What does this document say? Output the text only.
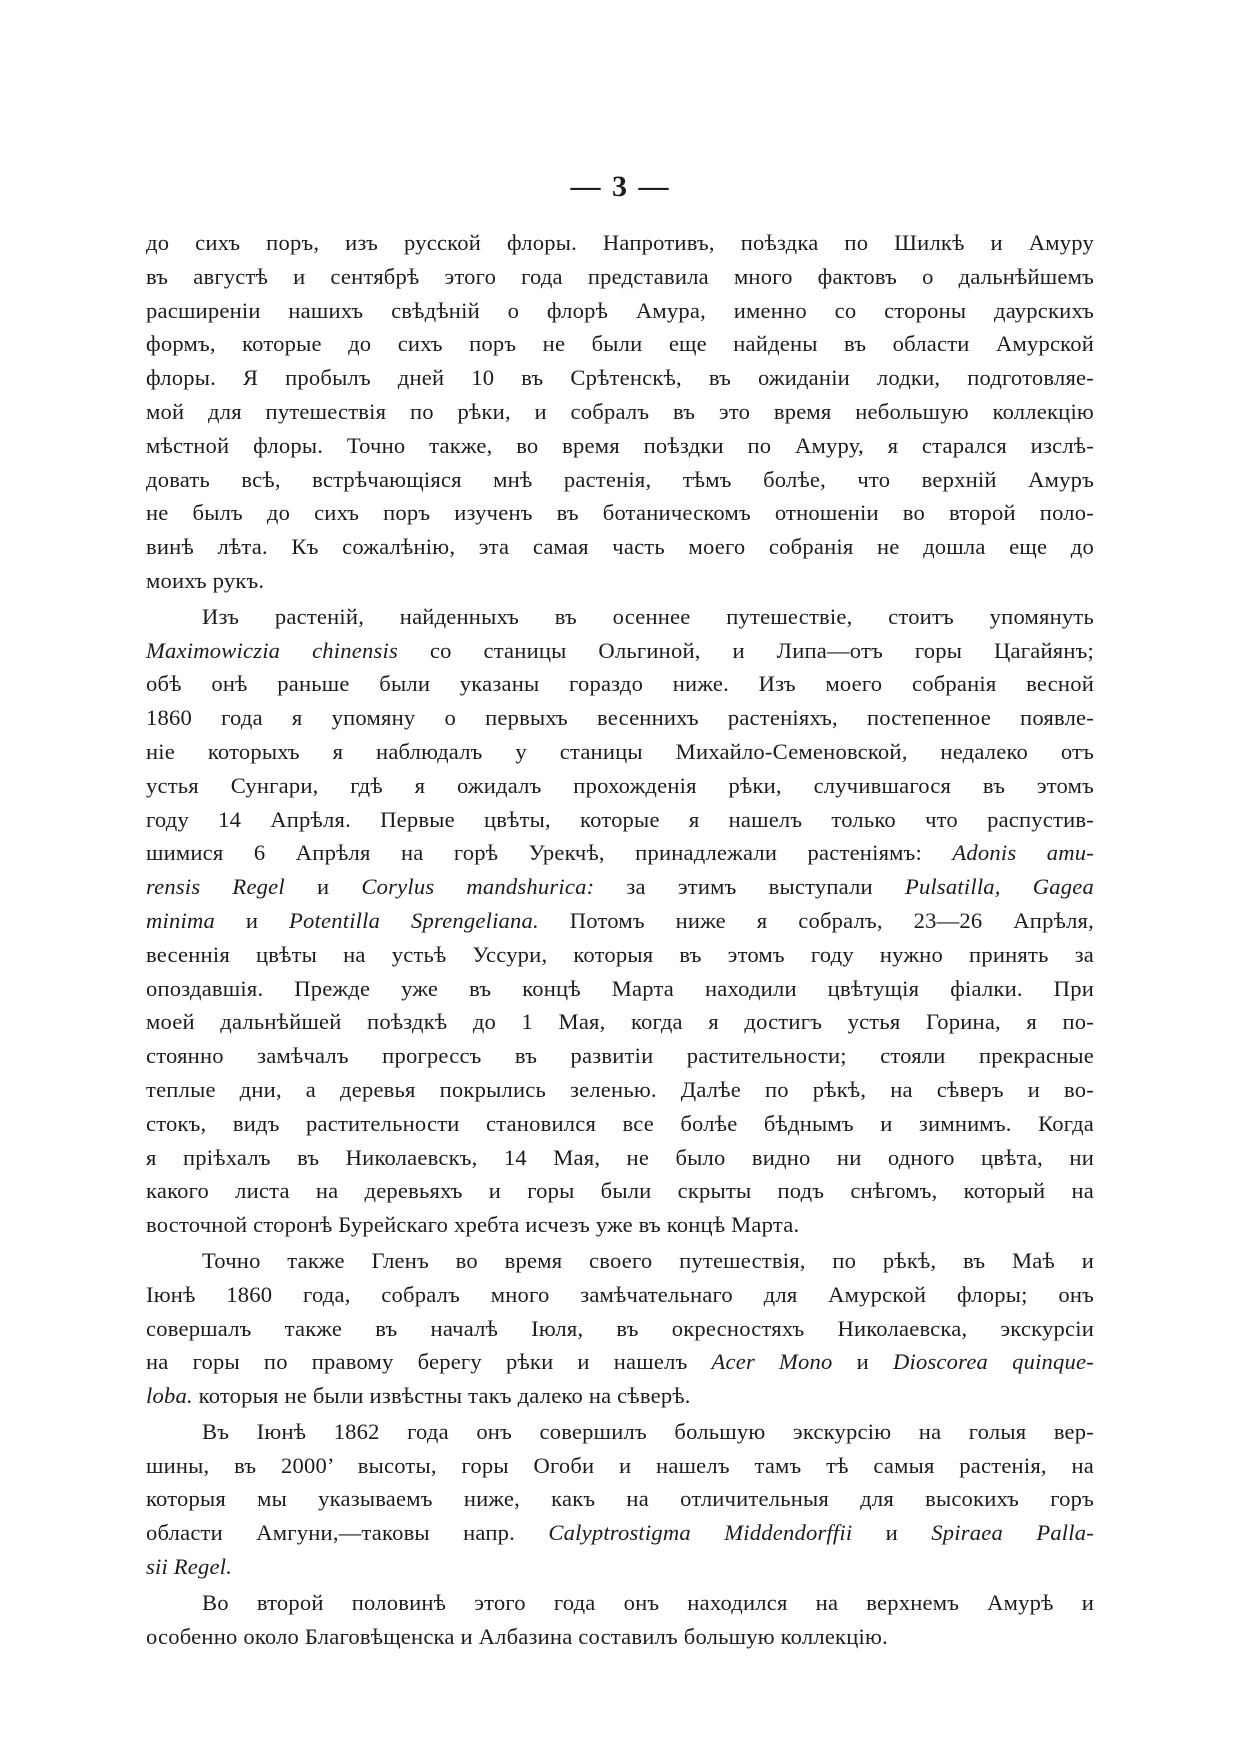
— 3 —
до сихъ поръ, изъ русской флоры. Напротивъ, поѣздка по Шилкѣ и Амуру
въ августѣ и сентябрѣ этого года представила много фактовъ о дальнѣйшемъ
расширеніи нашихъ свѣдѣній о флорѣ Амура, именно со стороны даурскихъ
формъ, которые до сихъ поръ не были еще найдены въ области Амурской
флоры. Я пробылъ дней 10 въ Срѣтенскѣ, въ ожиданіи лодки, подготовляе-
мой для путешествія по рѣки, и собралъ въ это время небольшую коллекцію
мѣстной флоры. Точно также, во время поѣздки по Амуру, я старался изслѣ-
довать всѣ, встрѣчающіяся мнѣ растенія, тѣмъ болѣе, что верхній Амуръ
не былъ до сихъ поръ изученъ въ ботаническомъ отношеніи во второй поло-
винѣ лѣта. Къ сожалѣнію, эта самая часть моего собранія не дошла еще до
моихъ рукъ.
Изъ растеній, найденныхъ въ осеннее путешествіе, стоитъ упомянуть
Maximowiczia chinensis со станицы Ольгиной, и Липа—отъ горы Цагайянъ;
обѣ онѣ раньше были указаны гораздо ниже. Изъ моего собранія весной
1860 года я упомяну о первыхъ весеннихъ растеніяхъ, постепенное появле-
ніе которыхъ я наблюдалъ у станицы Михайло-Семеновской, недалеко отъ
устья Сунгари, гдѣ я ожидалъ прохожденія рѣки, случившагося въ этомъ
году 14 Апрѣля. Первые цвѣты, которые я нашелъ только что распустив-
шимися 6 Апрѣля на горѣ Урекчѣ, принадлежали растеніямъ: Adonis amu-
rensis Regel и Corylus mandshurica: за этимъ выступали Pulsatilla, Gagea
minima и Potentilla Sprengeliana. Потомъ ниже я собралъ, 23—26 Апрѣля,
весеннія цвѣты на устьѣ Уссури, которыя въ этомъ году нужно принять за
опоздавшія. Прежде уже въ концѣ Марта находили цвѣтущія фіалки. При
моей дальнѣйшей поѣздкѣ до 1 Мая, когда я достигъ устья Горина, я по-
стоянно замѣчалъ прогрессъ въ развитіи растительности; стояли прекрасные
теплые дни, а деревья покрылись зеленью. Далѣе по рѣкѣ, на сѣверъ и во-
стокъ, видъ растительности становился все болѣе бѣднымъ и зимнимъ. Когда
я пріѣхалъ въ Николаевскъ, 14 Мая, не было видно ни одного цвѣта, ни
какого листа на деревьяхъ и горы были скрыты подъ снѣгомъ, который на
восточной сторонѣ Бурейскаго хребта исчезъ уже въ концѣ Марта.
Точно также Гленъ во время своего путешествія, по рѣкѣ, въ Маѣ и
Іюнѣ 1860 года, собралъ много замѣчательнаго для Амурской флоры; онъ
совершалъ также въ началѣ Іюля, въ окресностяхъ Николаевска, экскурсіи
на горы по правому берегу рѣки и нашелъ Acer Mono и Dioscorea quinque-
loba. которыя не были извѣстны такъ далеко на сѣверѣ.
Въ Іюнѣ 1862 года онъ совершилъ большую экскурсію на голыя вер-
шины, въ 2000’ высоты, горы Огоби и нашелъ тамъ тѣ самыя растенія, на
которыя мы указываемъ ниже, какъ на отличительныя для высокихъ горъ
области Амгуни,—таковы напр. Calyptrostigma Middendorffii и Spiraea Palla-
sii Regel.
Во второй половинѣ этого года онъ находился на верхнемъ Амурѣ и
особенно около Благовѣщенска и Албазина составилъ большую коллекцію.
